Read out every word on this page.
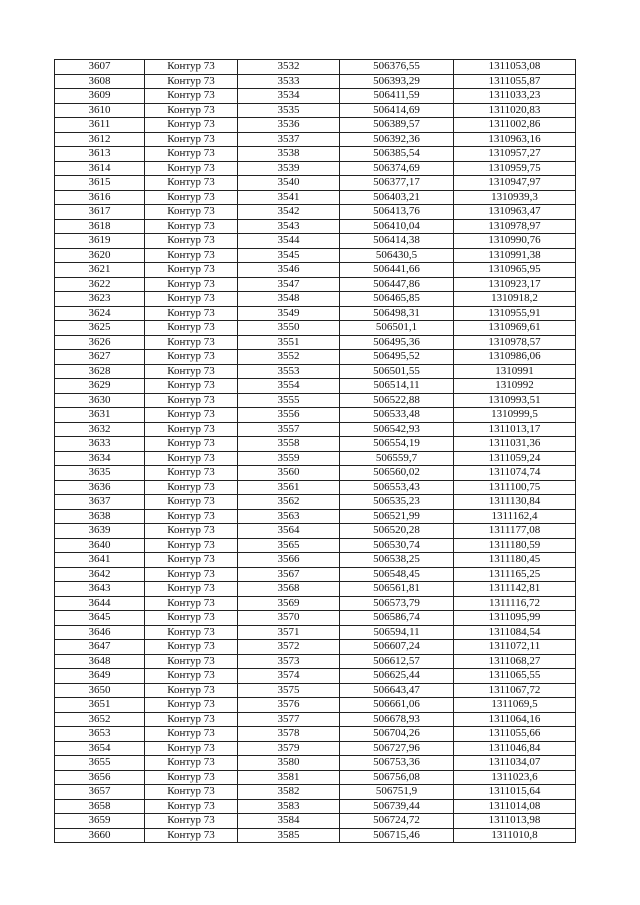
3607	Контур 73	3532	506376,55	1311053,08
3608	Контур 73	3533	506393,29	1311055,87
3609	Контур 73	3534	506411,59	1311033,23
3610	Контур 73	3535	506414,69	1311020,83
3611	Контур 73	3536	506389,57	1311002,86
3612	Контур 73	3537	506392,36	1310963,16
3613	Контур 73	3538	506385,54	1310957,27
3614	Контур 73	3539	506374,69	1310959,75
3615	Контур 73	3540	506377,17	1310947,97
3616	Контур 73	3541	506403,21	1310939,3
3617	Контур 73	3542	506413,76	1310963,47
3618	Контур 73	3543	506410,04	1310978,97
3619	Контур 73	3544	506414,38	1310990,76
3620	Контур 73	3545	506430,5	1310991,38
3621	Контур 73	3546	506441,66	1310965,95
3622	Контур 73	3547	506447,86	1310923,17
3623	Контур 73	3548	506465,85	1310918,2
3624	Контур 73	3549	506498,31	1310955,91
3625	Контур 73	3550	506501,1	1310969,61
3626	Контур 73	3551	506495,36	1310978,57
3627	Контур 73	3552	506495,52	1310986,06
3628	Контур 73	3553	506501,55	1310991
3629	Контур 73	3554	506514,11	1310992
3630	Контур 73	3555	506522,88	1310993,51
3631	Контур 73	3556	506533,48	1310999,5
3632	Контур 73	3557	506542,93	1311013,17
3633	Контур 73	3558	506554,19	1311031,36
3634	Контур 73	3559	506559,7	1311059,24
3635	Контур 73	3560	506560,02	1311074,74
3636	Контур 73	3561	506553,43	1311100,75
3637	Контур 73	3562	506535,23	1311130,84
3638	Контур 73	3563	506521,99	1311162,4
3639	Контур 73	3564	506520,28	1311177,08
3640	Контур 73	3565	506530,74	1311180,59
3641	Контур 73	3566	506538,25	1311180,45
3642	Контур 73	3567	506548,45	1311165,25
3643	Контур 73	3568	506561,81	1311142,81
3644	Контур 73	3569	506573,79	1311116,72
3645	Контур 73	3570	506586,74	1311095,99
3646	Контур 73	3571	506594,11	1311084,54
3647	Контур 73	3572	506607,24	1311072,11
3648	Контур 73	3573	506612,57	1311068,27
3649	Контур 73	3574	506625,44	1311065,55
3650	Контур 73	3575	506643,47	1311067,72
3651	Контур 73	3576	506661,06	1311069,5
3652	Контур 73	3577	506678,93	1311064,16
3653	Контур 73	3578	506704,26	1311055,66
3654	Контур 73	3579	506727,96	1311046,84
3655	Контур 73	3580	506753,36	1311034,07
3656	Контур 73	3581	506756,08	1311023,6
3657	Контур 73	3582	506751,9	1311015,64
3658	Контур 73	3583	506739,44	1311014,08
3659	Контур 73	3584	506724,72	1311013,98
3660	Контур 73	3585	506715,46	1311010,8
